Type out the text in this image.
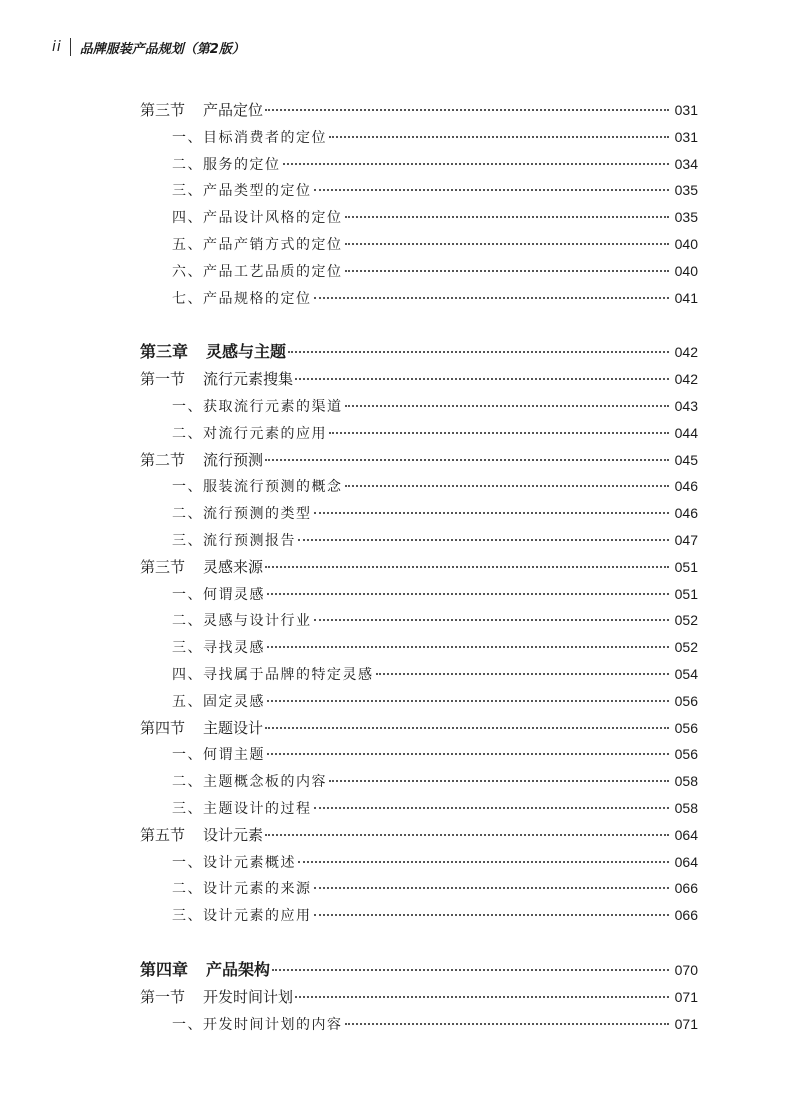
ii 品牌服装产品规划（第2版）
第三节 产品定位	031
一、目标消费者的定位	031
二、服务的定位	034
三、产品类型的定位	035
四、产品设计风格的定位	035
五、产品产销方式的定位	040
六、产品工艺品质的定位	040
七、产品规格的定位	041
第三章 灵感与主题	042
第一节 流行元素搜集	042
一、获取流行元素的渠道	043
二、对流行元素的应用	044
第二节 流行预测	045
一、服装流行预测的概念	046
二、流行预测的类型	046
三、流行预测报告	047
第三节 灵感来源	051
一、何谓灵感	051
二、灵感与设计行业	052
三、寻找灵感	052
四、寻找属于品牌的特定灵感	054
五、固定灵感	056
第四节 主题设计	056
一、何谓主题	056
二、主题概念板的内容	058
三、主题设计的过程	058
第五节 设计元素	064
一、设计元素概述	064
二、设计元素的来源	066
三、设计元素的应用	066
第四章 产品架构	070
第一节 开发时间计划	071
一、开发时间计划的内容	071
